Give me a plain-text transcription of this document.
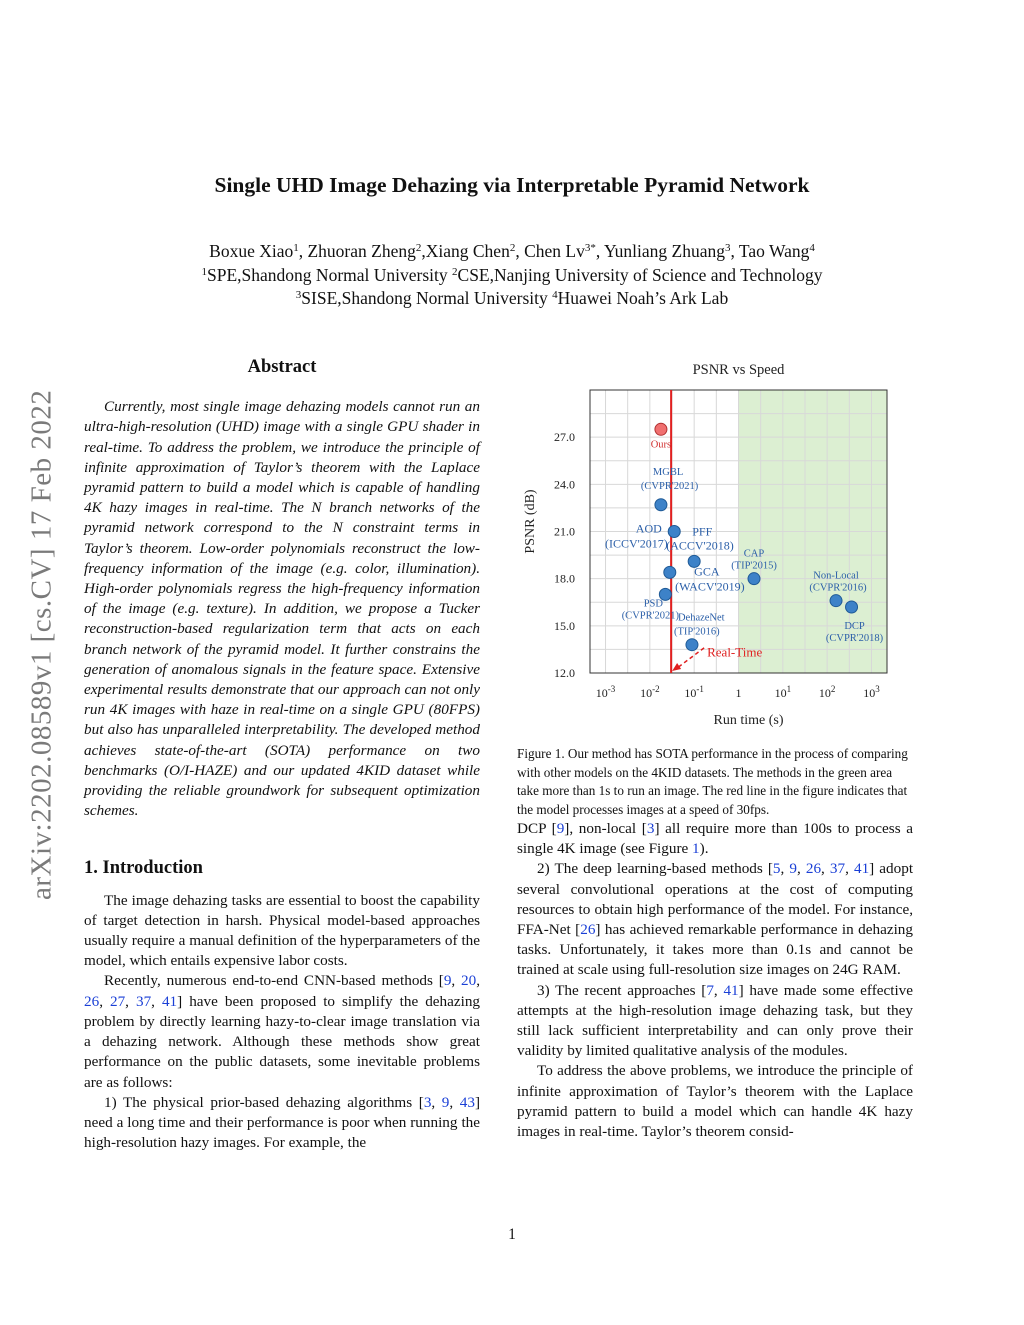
arXiv:2202.08589v1 [cs.CV] 17 Feb 2022
Single UHD Image Dehazing via Interpretable Pyramid Network
Boxue Xiao$^1$, Zhuoran Zheng$^2$,Xiang Chen$^2$, Chen $Lv^{3*}$, Yunliang Zhuang$^3$, Tao Wang$^4$
$^1$SPE,Shandong Normal University $^2$CSE,Nanjing University of Science and Technology
$^3$SISE,Shandong Normal University $^4$Huawei Noah’s Ark Lab
Abstract

Currently, most single image dehazing models cannot run an ultra-high-resolution (UHD) image with a single GPU shader in real-time. To address the problem, we introduce the principle of infinite approximation of Taylor’s theorem with the Laplace pyramid pattern to build a model which is capable of handling 4K hazy images in real-time. The N branch networks of the pyramid network correspond to the N constraint terms in Taylor’s theorem. Low-order polynomials reconstruct the low-frequency information of the image (e.g. color, illumination). High-order polynomials regress the high-frequency information of the image (e.g. texture). In addition, we propose a Tucker reconstruction-based regularization term that acts on each branch network of the pyramid model. It further constrains the generation of anomalous signals in the feature space. Extensive experimental results demonstrate that our approach can not only run 4K images with haze in real-time on a single GPU (80FPS) but also has unparalleled interpretability. The developed method achieves state-of-the-art (SOTA) performance on two benchmarks (O/I-HAZE) and our updated 4KID dataset while providing the reliable groundwork for subsequent optimization schemes.

1. Introduction

The image dehazing tasks are essential to boost the capability of target detection in harsh. Physical model-based approaches usually require a manual definition of the hyperparameters of the model, which entails expensive labor costs.

Recently, numerous end-to-end CNN-based methods [9, 20, 26, 27, 37, 41] have been proposed to simplify the dehazing problem by directly learning hazy-to-clear image translation via a dehazing network. Although these methods show great performance on the public datasets, some inevitable problems are as follows:

1) The physical prior-based dehazing algorithms [3, 9, 43] need a long time and their performance is poor when running the high-resolution hazy images. For example, the

PSNR vs Speed
12.0
15.0
18.0
21.0
24.0
27.0
$10^{-3}$ $10^{-2}$ $10^{-1}$	1	$10^1$ $10^2$ $10^3$
Run time (s)
PSNR (dB)
Real-Time
Ours
MGBL
(CVPR'2021)
PFF
(ACCV'2018)
AOD
(ICCV'2017)
GCA
(WACV'2019)
CAP
(TIP'2015)
PSD
(CVPR'2021)
DehazeNet
(TIP'2016)
Non-Local
(CVPR'2016)
DCP
(CVPR'2018)
Figure 1. Our method has SOTA performance in the process of comparing with other models on the 4KID datasets. The methods in the green area take more than 1s to run an image. The red line in the figure indicates that the model processes images at a speed of 30fps.

DCP [9], non-local [3] all require more than 100s to process a single 4K image (see Figure 1).

2) The deep learning-based methods [5, 9, 26, 37, 41] adopt several convolutional operations at the cost of computing resources to obtain high performance of the model. For instance, FFA-Net [26] has achieved remarkable performance in dehazing tasks. Unfortunately, it takes more than 0.1s and cannot be trained at scale using full-resolution size images on 24G RAM.

3) The recent approaches [7, 41] have made some effective attempts at the high-resolution image dehazing task, but they still lack sufficient interpretability and can only prove their validity by limited qualitative analysis of the modules.

To address the above problems, we introduce the principle of infinite approximation of Taylor’s theorem with the Laplace pyramid pattern to build a model which can handle 4K hazy images in real-time. Taylor’s theorem consid-

1
